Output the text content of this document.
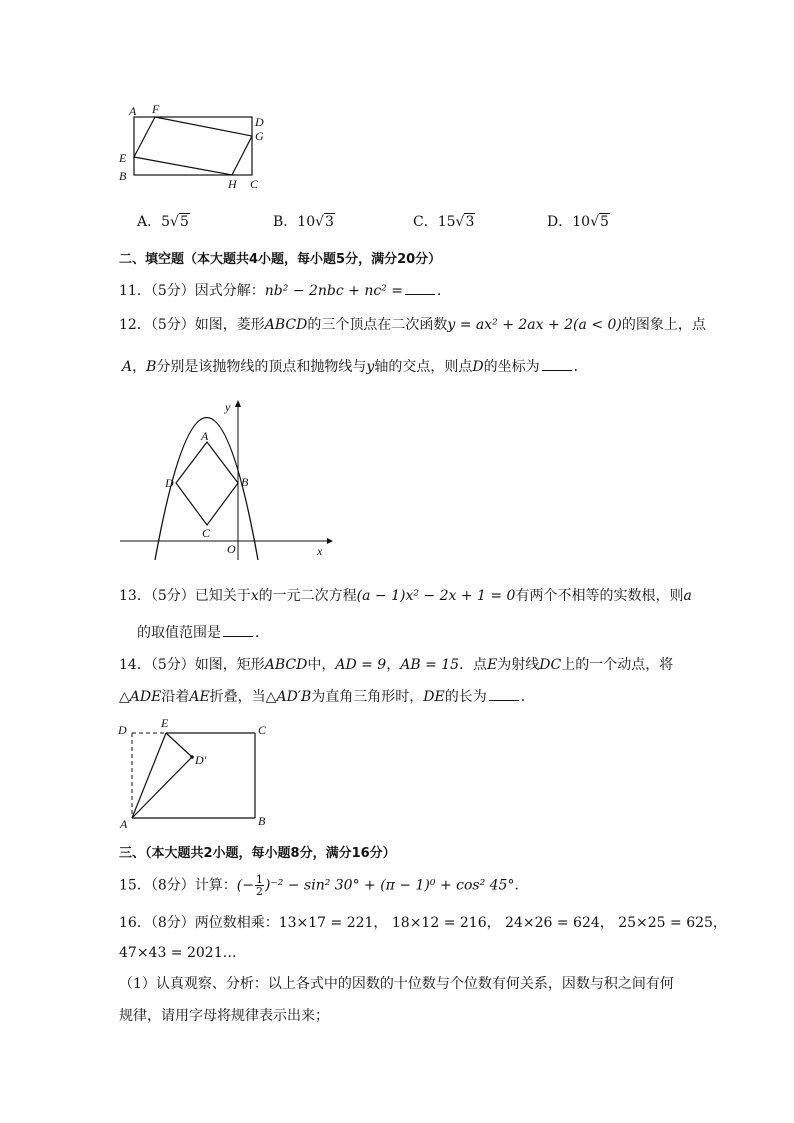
A F
D
G
E
B
H C
A．5√5	B．10√3	C．15√3	D．10√5
二、填空题（本大题共4小题，每小题5分，满分20分）
11．（5分）因式分解：nb² − 2nbc + nc² = ．
12．（5分）如图，菱形ABCD的三个顶点在二次函数y = ax² + 2ax + 2(a < 0)的图象上，点
A，B分别是该抛物线的顶点和抛物线与y轴的交点，则点D的坐标为 ．
y
A
D	B
C
O	x
13．（5分）已知关于x的一元二次方程(a − 1)x² − 2x + 1 = 0有两个不相等的实数根，则a
的取值范围是 ．
14．（5分）如图，矩形ABCD中，AD = 9，AB = 15．点E为射线DC上的一个动点，将
△ADE沿着AE折叠，当△AD′B为直角三角形时，DE的长为 ．
D	E	C
D′
A	B
三、（本大题共2小题，每小题8分，满分16分）
15．（8分）计算：(− $\frac{1}{2} )^{-2} - \sin^2$ 30° + (π − 1)⁰ + cos² 45°．
16．（8分）两位数相乘：13×17 = 221， 18×12 = 216， 24×26 = 624， 25×25 = 625，
47×43 = 2021…
（1）认真观察、分析：以上各式中的因数的十位数与个位数有何关系，因数与积之间有何
规律，请用字母将规律表示出来；
